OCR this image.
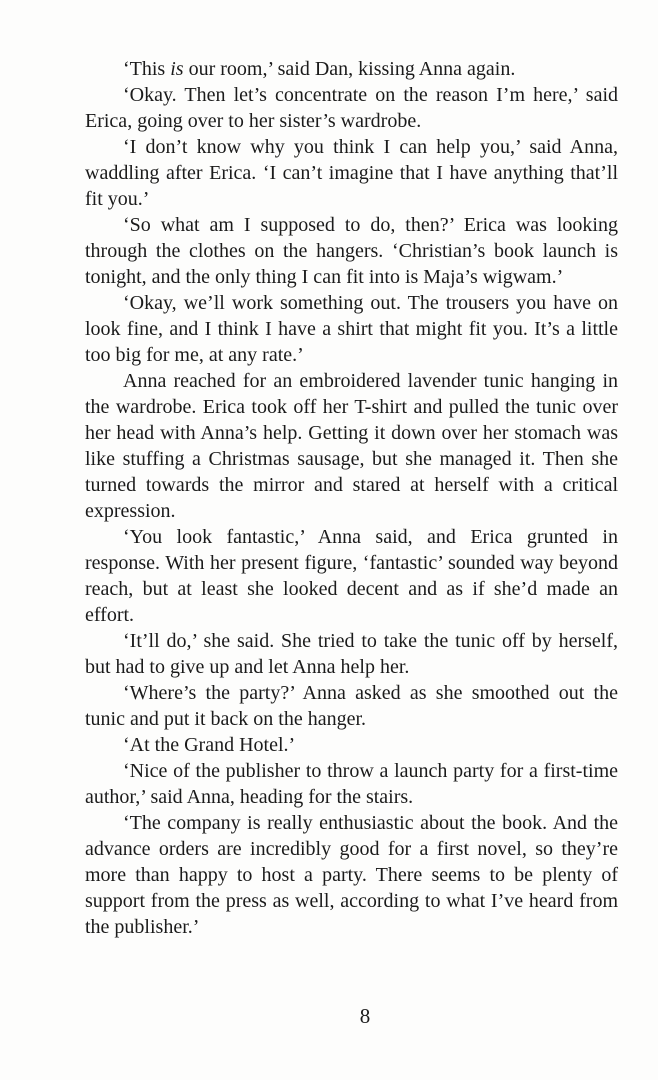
‘This is our room,’ said Dan, kissing Anna again.

‘Okay. Then let’s concentrate on the reason I’m here,’ said Erica, going over to her sister’s wardrobe.

‘I don’t know why you think I can help you,’ said Anna, waddling after Erica. ‘I can’t imagine that I have anything that’ll fit you.’

‘So what am I supposed to do, then?’ Erica was looking through the clothes on the hangers. ‘Christian’s book launch is tonight, and the only thing I can fit into is Maja’s wigwam.’

‘Okay, we’ll work something out. The trousers you have on look fine, and I think I have a shirt that might fit you. It’s a little too big for me, at any rate.’

Anna reached for an embroidered lavender tunic hanging in the wardrobe. Erica took off her T-shirt and pulled the tunic over her head with Anna’s help. Getting it down over her stomach was like stuffing a Christmas sausage, but she managed it. Then she turned towards the mirror and stared at herself with a critical expression.

‘You look fantastic,’ Anna said, and Erica grunted in response. With her present figure, ‘fantastic’ sounded way beyond reach, but at least she looked decent and as if she’d made an effort.

‘It’ll do,’ she said. She tried to take the tunic off by herself, but had to give up and let Anna help her.

‘Where’s the party?’ Anna asked as she smoothed out the tunic and put it back on the hanger.

‘At the Grand Hotel.’

‘Nice of the publisher to throw a launch party for a first-time author,’ said Anna, heading for the stairs.

‘The company is really enthusiastic about the book. And the advance orders are incredibly good for a first novel, so they’re more than happy to host a party. There seems to be plenty of support from the press as well, according to what I’ve heard from the publisher.’

8
